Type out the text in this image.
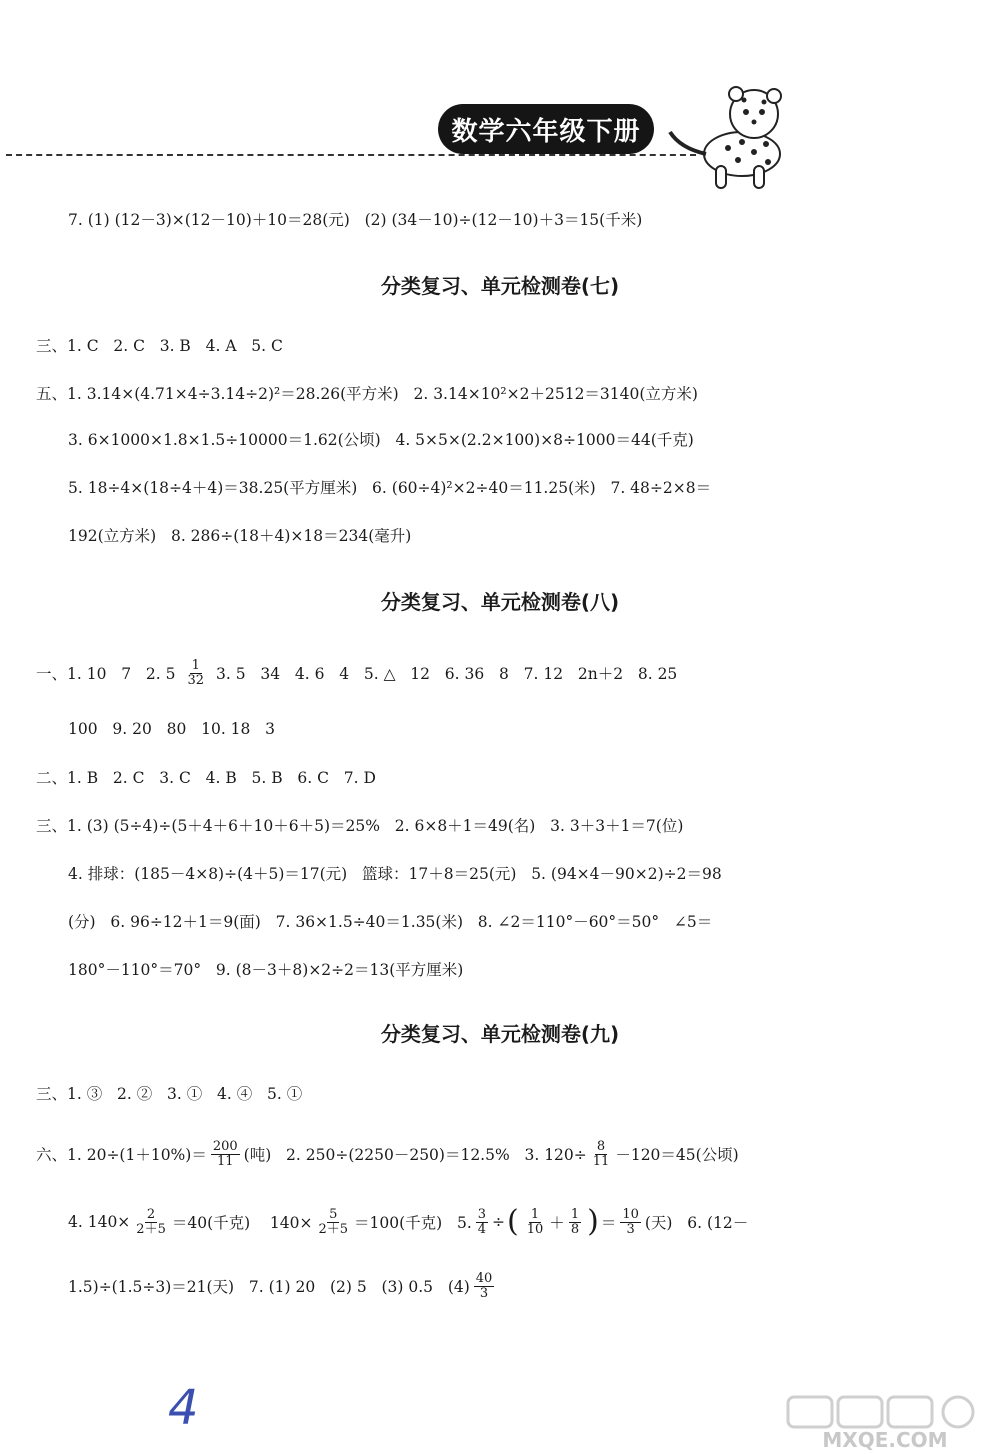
数学六年级下册
7. (1) (12－3)×(12－10)＋10＝28(元)   (2) (34－10)÷(12－10)＋3＝15(千米)
分类复习、单元检测卷(七)
三、1. C   2. C   3. B   4. A   5. C
五、1. 3.14×(4.71×4÷3.14÷2)²＝28.26(平方米)   2. 3.14×10²×2＋2512＝3140(立方米)
3. 6×1000×1.8×1.5÷10000＝1.62(公顷)   4. 5×5×(2.2×100)×8÷1000＝44(千克)
5. 18÷4×(18÷4＋4)＝38.25(平方厘米)   6. (60÷4)²×2÷40＝11.25(米)   7. 48÷2×8＝
192(立方米)   8. 286÷(18＋4)×18＝234(毫升)
分类复习、单元检测卷(八)
一、1. 10   7   2. $5 \frac{1}{32} 3$. 5   34   4. 6   4   5. △   12   6. 36   8   7. 12   2n＋2   8. 25
100   9. 20   80   10. 18   3
二、1. B   2. C   3. C   4. B   5. B   6. C   7. D
三、1. (3) (5÷4)÷(5＋4＋6＋10＋6＋5)＝25%   2. 6×8＋1＝49(名)   3. 3＋3＋1＝7(位)
4. 排球：(185－4×8)÷(4＋5)＝17(元)   篮球：17＋8＝25(元)   5. (94×4－90×2)÷2＝98
(分)   6. 96÷12＋1＝9(面)   7. 36×1.5÷40＝1.35(米)   8. ∠2＝110°－60°＝50°   ∠5＝
180°－110°＝70°   9. (8－3＋8)×2÷2＝13(平方厘米)
分类复习、单元检测卷(九)
三、1. ③   2. ②   3. ①   4. ④   5. ①
六、1. $20\div(1+10\%)= \frac{200}{11}$ (吨)   2. 250÷(2250－250)＝12.5%   3. $120\div \frac{8}{11} -120=45$(公顷)
4. $140\times \frac{2}{2+5} =40$(千克)    $140\times \frac{5}{2+5} =100$(千克)   5. $\frac{3}{4}$ ÷ ( $\frac{1}{10} + \frac{1}{8}$ ) ＝ $\frac{10}{3}$ (天)   6. (12－
1.5)÷(1.5÷3)＝21(天)   7. (1) 20   (2) 5   (3) 0.5   $(4) \frac{40}{3}$
4
MXQE.COM
